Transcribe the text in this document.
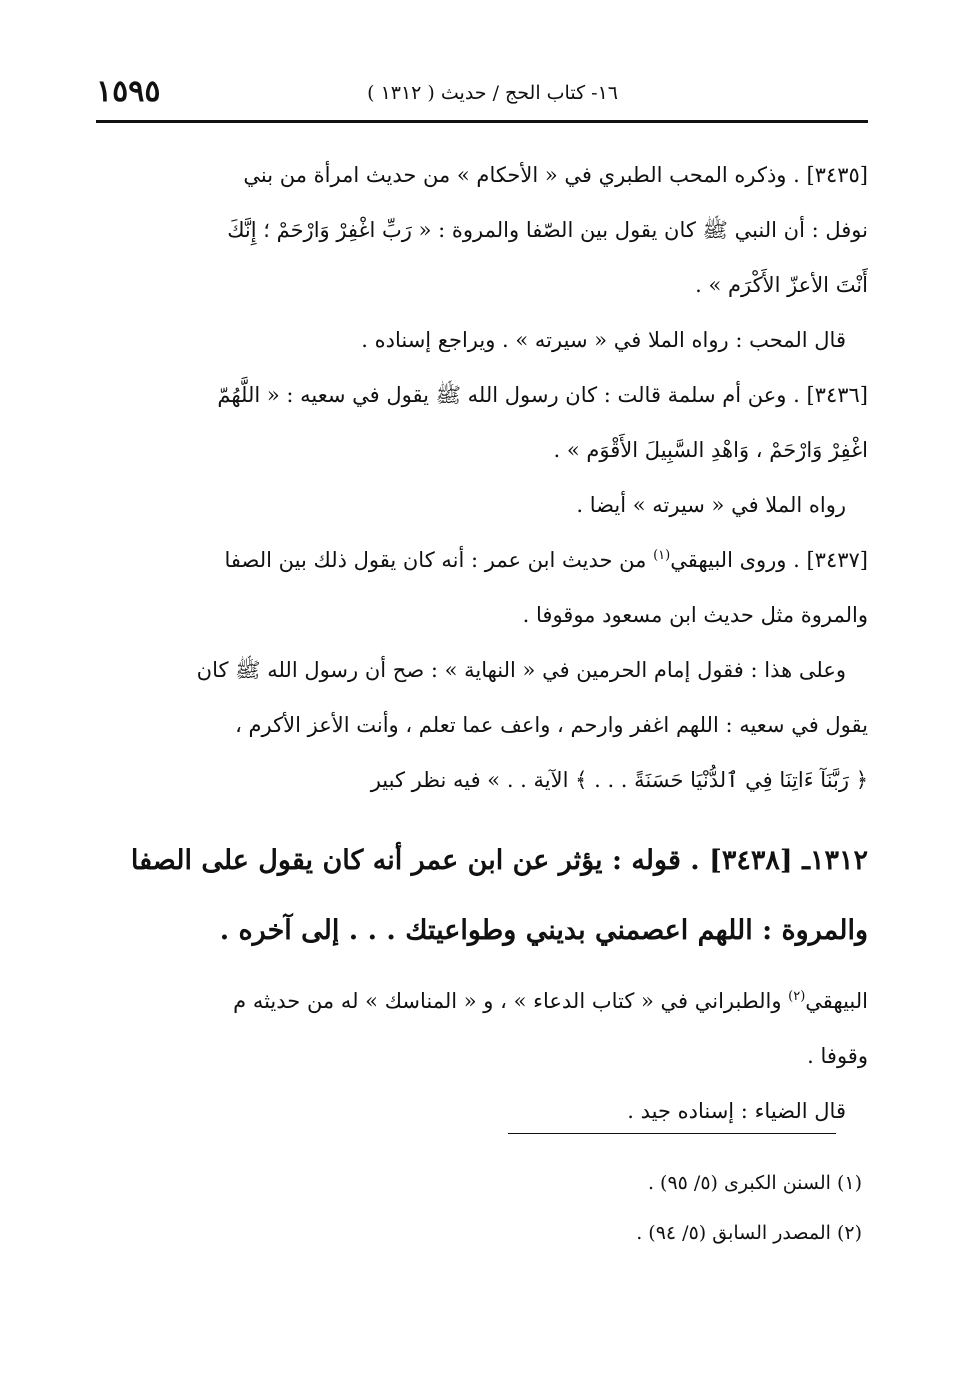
١٦- كتاب الحج / حديث ( ١٣١٢ )
١٥٩٥
[٣٤٣٥] . وذكره المحب الطبري في « الأحكام » من حديث امرأة من بني
نوفل : أن النبي ﷺ كان يقول بين الصّفا والمروة : « رَبِّ اغْفِرْ وَارْحَمْ ؛ إِنَّكَ
أَنْتَ الأعزّ الأَكْرَم » .
قال المحب : رواه الملا في « سيرته » . ويراجع إسناده .
[٣٤٣٦] . وعن أم سلمة قالت : كان رسول الله ﷺ يقول في سعيه : « اللَّهُمّ
اغْفِرْ وَارْحَمْ ، وَاهْدِ السَّبِيلَ الأَقْوَم » .
رواه الملا في « سيرته » أيضا .
[٣٤٣٧] . وروى البيهقي$^{(١)}$ من حديث ابن عمر : أنه كان يقول ذلك بين الصفا
والمروة مثل حديث ابن مسعود موقوفا .
وعلى هذا : فقول إمام الحرمين في « النهاية » : صح أن رسول الله ﷺ كان
يقول في سعيه : اللهم اغفر وارحم ، واعف عما تعلم ، وأنت الأعز الأكرم ،
﴿ رَبَّنَآ ءَاتِنَا فِي ٱلدُّنْيَا حَسَنَةً . . . ﴾ الآية . . » فيه نظر كبير
١٣١٢ـ [٣٤٣٨] . قوله : يؤثر عن ابن عمر أنه كان يقول على الصفا
والمروة : اللهم اعصمني بديني وطواعيتك . . . إلى آخره .
البيهقي$^{(٢)}$ والطبراني في « كتاب الدعاء » ، و « المناسك » له من حديثه م
وقوفا .
قال الضياء : إسناده جيد .
(١) السنن الكبرى (٥/ ٩٥) .
(٢) المصدر السابق (٥/ ٩٤) .
